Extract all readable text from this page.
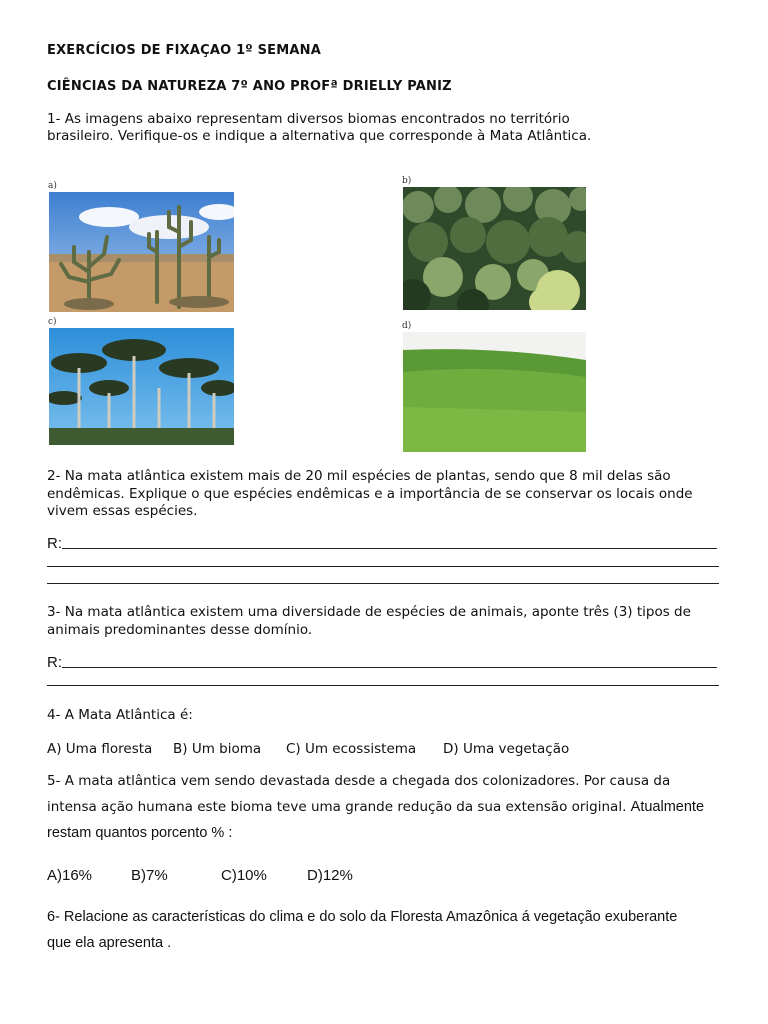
EXERCÍCIOS DE FIXAÇAO 1º SEMANA
CIÊNCIAS DA NATUREZA 7º ANO PROFª DRIELLY PANIZ
1- As imagens abaixo representam diversos biomas encontrados no território
brasileiro. Verifique-os e indique a alternativa que corresponde à Mata Atlântica.
a)	b)
c)	d)
2- Na mata atlântica existem mais de 20 mil espécies de plantas, sendo que 8 mil delas são
endêmicas. Explique o que espécies endêmicas e a importância de se conservar os locais onde
vivem essas espécies.
R:
3- Na mata atlântica existem uma diversidade de espécies de animais, aponte três (3) tipos de
animais predominantes desse domínio.
R:
4- A Mata Atlântica é:
A) Uma floresta B) Um bioma C) Um ecossistema D) Uma vegetação
5- A mata atlântica vem sendo devastada desde a chegada dos colonizadores. Por causa da
intensa ação humana este bioma teve uma grande redução da sua extensão original. Atualmente
restam quantos porcento % :
A)16%	B)7%	C)10%	D)12%
6- Relacione as características do clima e do solo da Floresta Amazônica á vegetação exuberante
que ela apresenta .
